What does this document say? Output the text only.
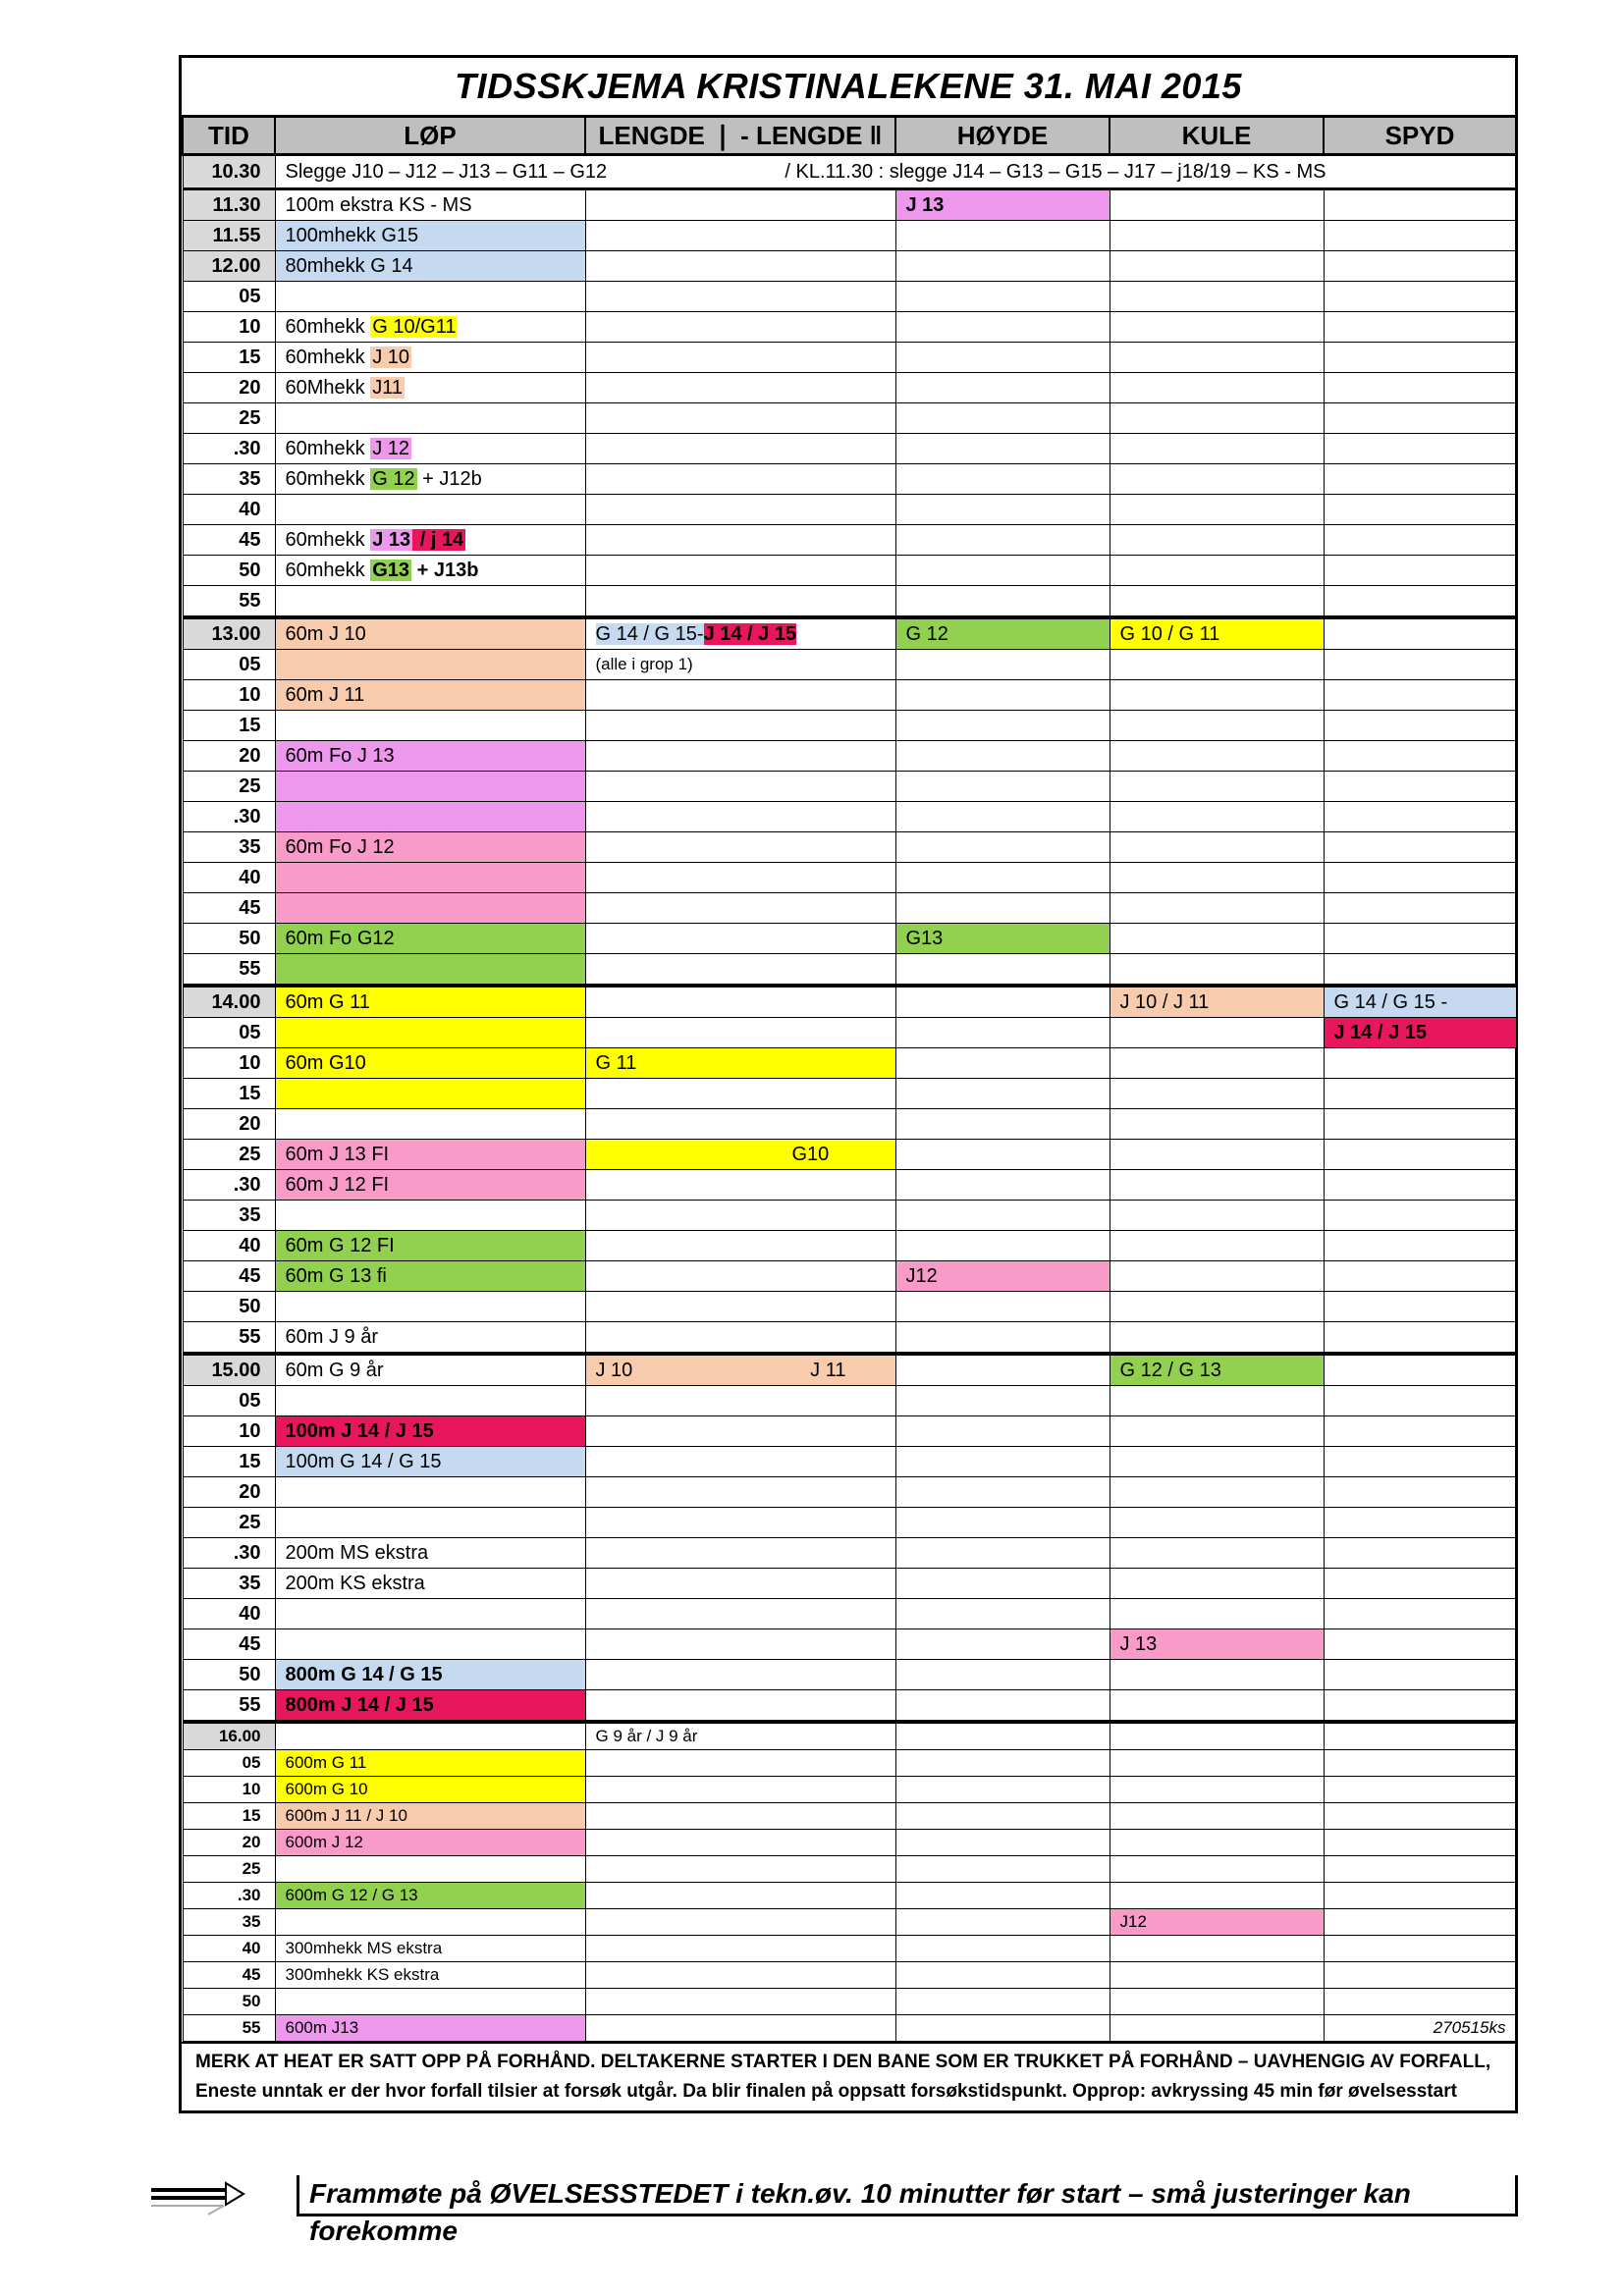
TIDSSKJEMA KRISTINALEKENE 31. MAI 2015
TID	LØP	LENGDE ❘ - LENGDE ‖	HØYDE	KULE	SPYD
10.30	Slegge J10 – J12 – J13 – G11 – G12 / KL.11.30 : slegge J14 – G13 – G15 – J17 – j18/19 – KS - MS				

11.30	100m ekstra KS - MS		J 13		
11.55	100mhekk G15				
12.00	80mhekk G 14				
05					
10	60mhekk G 10/G11				
15	60mhekk J 10				
20	60Mhekk J11				
25					
.30	60mhekk J 12				
35	60mhekk G 12 + J12b				
40					
45	60mhekk J 13 / j 14				
50	60mhekk G13 + J13b				
55					
13.00	60m J 10	G 14 / G 15-J 14 / J 15	G 12	G 10 / G 11	
05		(alle i grop 1)			
10	60m J 11				
15					
20	60m Fo J 13				
25					
.30					
35	60m Fo J 12				
40					
45					
50	60m Fo G12		G13		
55					
14.00	60m G 11			J 10 / J 11	G 14 / G 15 -
05					J 14 / J 15
10	60m G10	G 11			
15					
20					
25	60m J 13 FI	G10			
.30	60m J 12 FI				
35					
40	60m G 12 FI				
45	60m G 13 fi		J12		
50					
55	60m J 9 år				
15.00	60m G 9 år	J 10 J 11		G 12 / G 13	
05					
10	100m J 14 / J 15				
15	100m G 14 / G 15				
20					
25					
.30	200m MS ekstra				
35	200m KS ekstra				
40					
45				J 13	
50	800m G 14 / G 15				
55	800m J 14 / J 15				
16.00		G 9 år / J 9 år			
05	600m G 11				
10	600m G 10				
15	600m J 11 / J 10				
20	600m J 12				
25					
.30	600m G 12 / G 13				
35				J12	
40	300mhekk MS ekstra				
45	300mhekk KS ekstra				
50					
55	600m J13				270515ks
MERK AT HEAT ER SATT OPP PÅ FORHÅND. DELTAKERNE STARTER I DEN BANE SOM ER TRUKKET PÅ FORHÅND – UAVHENGIG AV FORFALL,
Eneste unntak er der hvor forfall tilsier at forsøk utgår. Da blir finalen på oppsatt forsøkstidspunkt. Opprop: avkryssing 45 min før øvelsesstart
Frammøte på ØVELSESSTEDET i tekn.øv. 10 minutter før start – små justeringer kan forekomme
